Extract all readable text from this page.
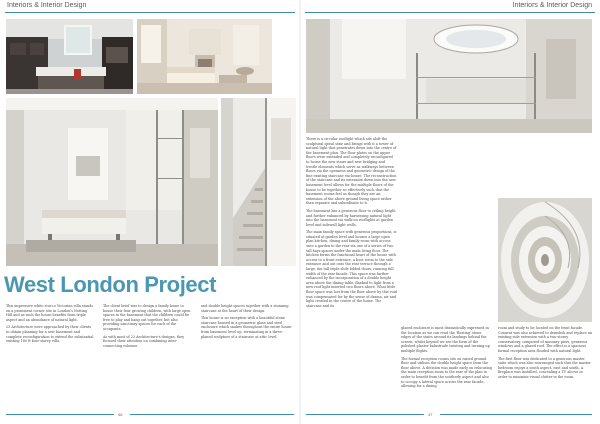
Interiors & Interior Design	Interiors & Interior Design
West London Project

This impressive white stucco Victorian villa stands on a prominent corner site in London's Notting Hill and as such the house benefits from triple aspect and an abundance of natural light.

23 Architecture were approached by their clients to obtain planning for a new basement and complete reconfiguration to extend the substantial existing 180 ft four-storey villa.

The client brief was to design a family home to house their four growing children, with large open spaces in the basement that the children could be free to play and hang out together, but also providing sanctuary spaces for each of the occupants.

As with most of 23 Architecture's designs, they focused their attention on combining inter-connecting volumes

and double height spaces together with a stunning staircase at the heart of their design.

This house is no exception with a beautiful stone staircase housed in a geometric glass and steel enclosure which snakes throughout the entire house from basement level up, terminating in a three-planed sculpture of a staircase at attic level.

There is a circular rooflight which sits aloft the sculptural spiral stair and brings with it a tower of natural light that penetrates down into the centre of the basement plan. The floor plates on the upper floors were extended and completely reconfigured to house the new stairs and new bridging and trestle elements which serve as walkways between floors via the openness and geometric design of the fine existing staircase enclosure. The reconstruction of the staircase and its extension down into the new basement level allows for the multiple floors of the house to be together so effectively such that the basement rooms feel as though they are an extension of the above ground living space rather than separate and subordinate to it.

The basement has a generous floor to ceiling height and further enhanced by harnessing natural light into the basement via walk-on rooflights at garden level and sidewall light wells.

The main family space with generous proportions, is situated at garden level and houses a large open plan kitchen, dining and family room with access onto a garden to the rear via one of a series of two tall bays spaces under the main living floor. The kitchen forms the functional heart of the house with access to a front entrance, a boot room to the side entrance and out onto the rear terrace through a large, 6m tall triple slide folded doors, running full width of the rear facade. This space was further enhanced by the incorporation of a double height area above the dining table, flanked to light from a new roof light inserted two floors above. What little floor space was lost from the floor above by this void was compensated for by the sense of drama, air and light created in the centre of the home. The staircase and its

glazed enclosure is most dramatically expressed in the location as we can read the 'floating' stone edges of the stairs around its landings behind the screen, whilst beyond we see the form of the polished plaster balustrade twisting and turning up multiple flights.

The formal reception rooms sits on raised ground floor and utilises the double height space from the floor above. A decision was made early on relocating the main reception room to the rear of the plan in order to benefit from the southerly aspect and also to occupy a lateral space across the rear facade, allowing for a dining

room and study to be located on the front facade. Consent was also achieved to demolish and replace an existing side extension with a two-storey conservatory, composed of masonry piers, generous windows and a glazed roof. The effect is a spacious formal reception area flooded with natural light.

The first floor was dedicated to a generous master suite which was also rearranged such that the master bedroom enjoys a south aspect, east and south. A fireplace was installed, concealing a TV alcove in order to minimise visual clutter in the room.

46	47
